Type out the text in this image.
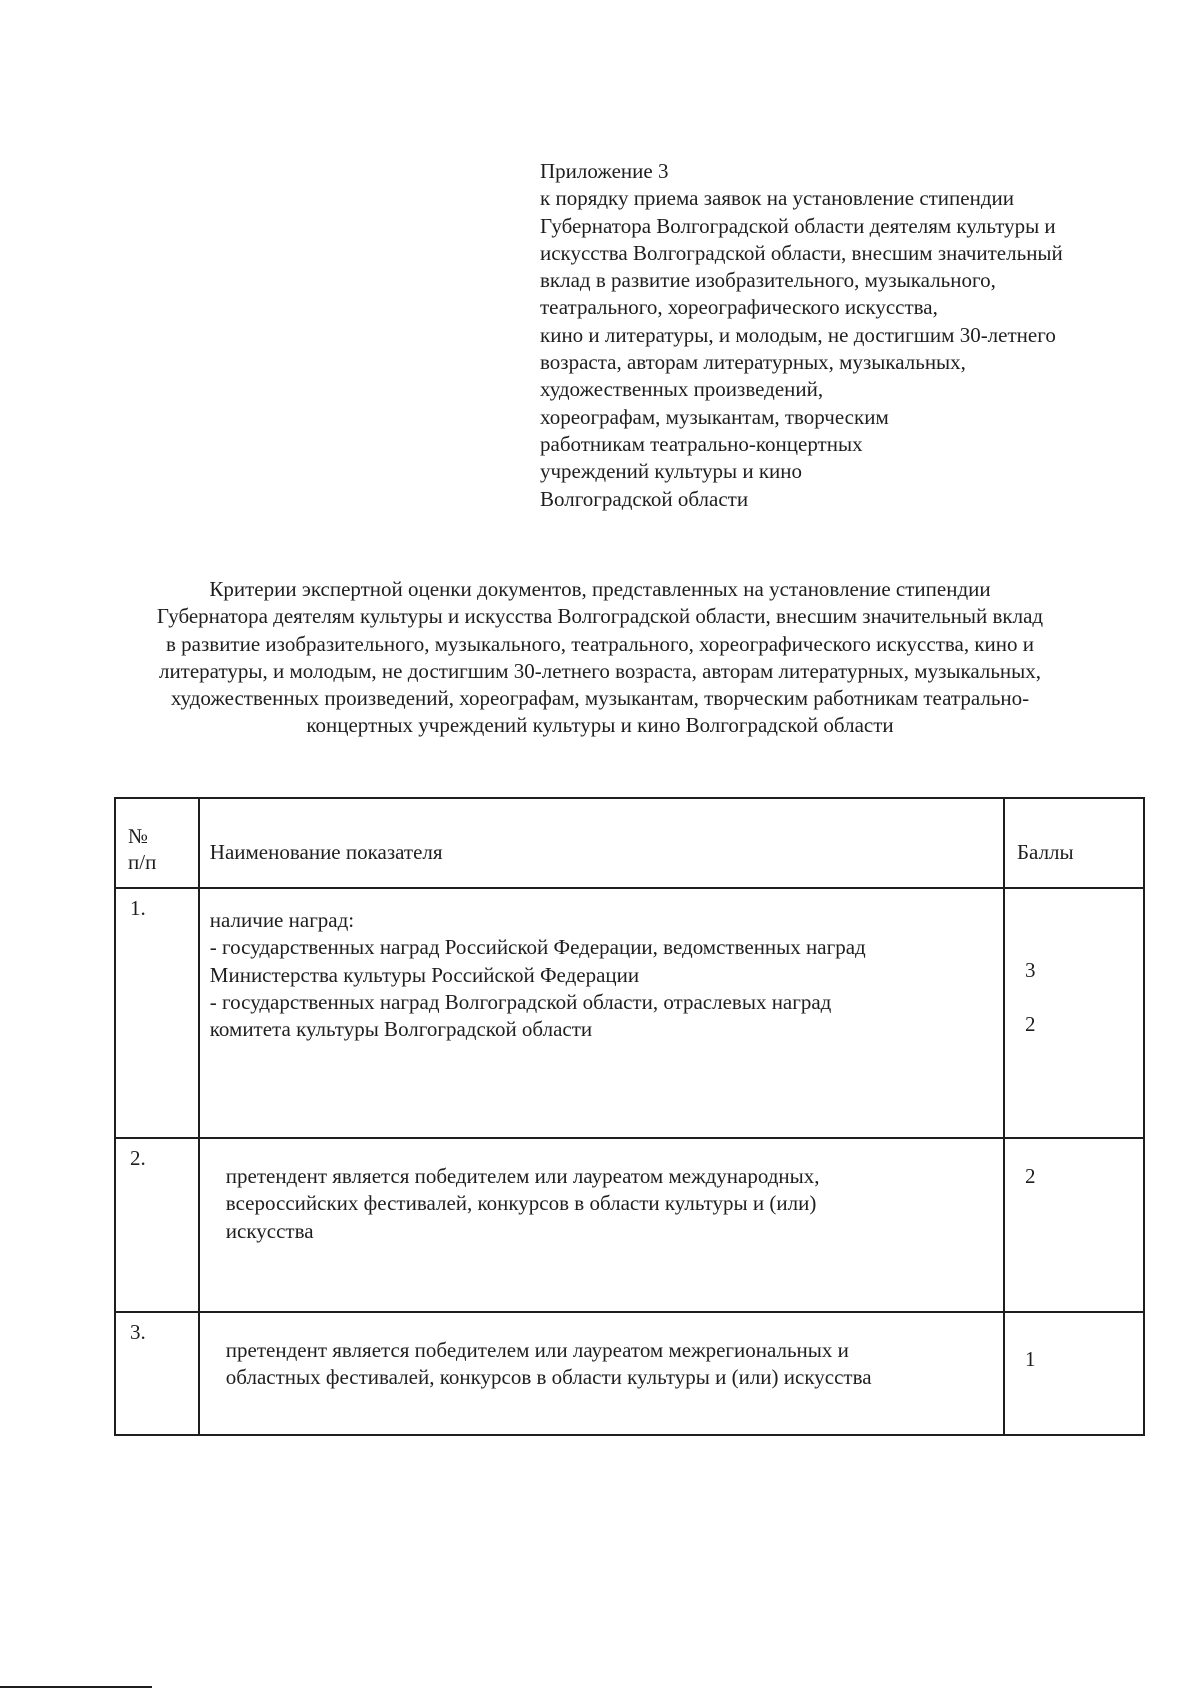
Приложение 3
к порядку приема заявок на установление стипендии
Губернатора Волгоградской области деятелям культуры и
искусства Волгоградской области, внесшим значительный
вклад в развитие изобразительного, музыкального,
театрального, хореографического искусства,
кино и литературы, и молодым, не достигшим 30-летнего
возраста, авторам литературных, музыкальных,
художественных произведений,
хореографам, музыкантам, творческим
работникам театрально-концертных
учреждений культуры и кино
Волгоградской области
Критерии экспертной оценки документов, представленных на установление стипендии
Губернатора деятелям культуры и искусства Волгоградской области, внесшим значительный вклад
в развитие изобразительного, музыкального, театрального, хореографического искусства, кино и
литературы, и молодым, не достигшим 30-летнего возраста, авторам литературных, музыкальных,
художественных произведений, хореографам, музыкантам, творческим работникам театрально-
концертных учреждений культуры и кино Волгоградской области
№
п/п	Наименование показателя	Баллы
1.	наличие наград:
- государственных наград Российской Федерации, ведомственных наград
Министерства культуры Российской Федерации
- государственных наград Волгоградской области, отраслевых наград
комитета культуры Волгоградской области	3
2

2.	претендент является победителем или лауреатом международных,
всероссийских фестивалей, конкурсов в области культуры и (или)
искусства	2

3.	претендент является победителем или лауреатом межрегиональных и
областных фестивалей, конкурсов в области культуры и (или) искусства	1
